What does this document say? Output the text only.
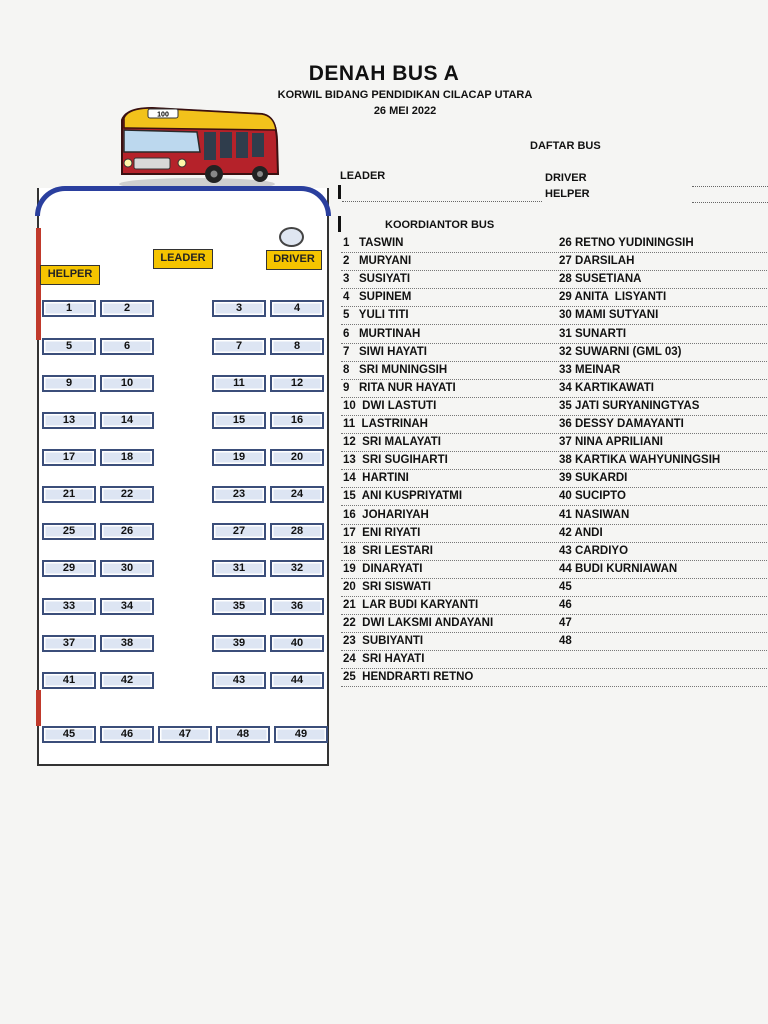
DENAH BUS A
KORWIL BIDANG PENDIDIKAN CILACAP UTARA
26 MEI 2022
100
LEADER	DRIVER
HELPER
1	2	3	4
5	6	7	8
9	10	11	12
13	14	15	16
17	18	19	20
21	22	23	24
25	26	27	28
29	30	31	32
33	34	35	36
37	38	39	40
41	42	43	44
45	46	47	48	49
DAFTAR BUS
LEADER	DRIVER
HELPER
KOORDIANTOR BUS
1   TASWIN	26 RETNO YUDININGSIH
2   MURYANI	27 DARSILAH
3   SUSIYATI	28 SUSETIANA
4   SUPINEM	29 ANITA  LISYANTI
5   YULI TITI	30 MAMI SUTYANI
6   MURTINAH	31 SUNARTI
7   SIWI HAYATI	32 SUWARNI (GML 03)
8   SRI MUNINGSIH	33 MEINAR
9   RITA NUR HAYATI	34 KARTIKAWATI
10  DWI LASTUTI	35 JATI SURYANINGTYAS
11  LASTRINAH	36 DESSY DAMAYANTI
12  SRI MALAYATI	37 NINA APRILIANI
13  SRI SUGIHARTI	38 KARTIKA WAHYUNINGSIH
14  HARTINI	39 SUKARDI
15  ANI KUSPRIYATMI	40 SUCIPTO
16  JOHARIYAH	41 NASIWAN
17  ENI RIYATI	42 ANDI
18  SRI LESTARI	43 CARDIYO
19  DINARYATI	44 BUDI KURNIAWAN
20  SRI SISWATI	45
21  LAR BUDI KARYANTI	46
22  DWI LAKSMI ANDAYANI	47
23  SUBIYANTI	48
24  SRI HAYATI
25  HENDRARTI RETNO
